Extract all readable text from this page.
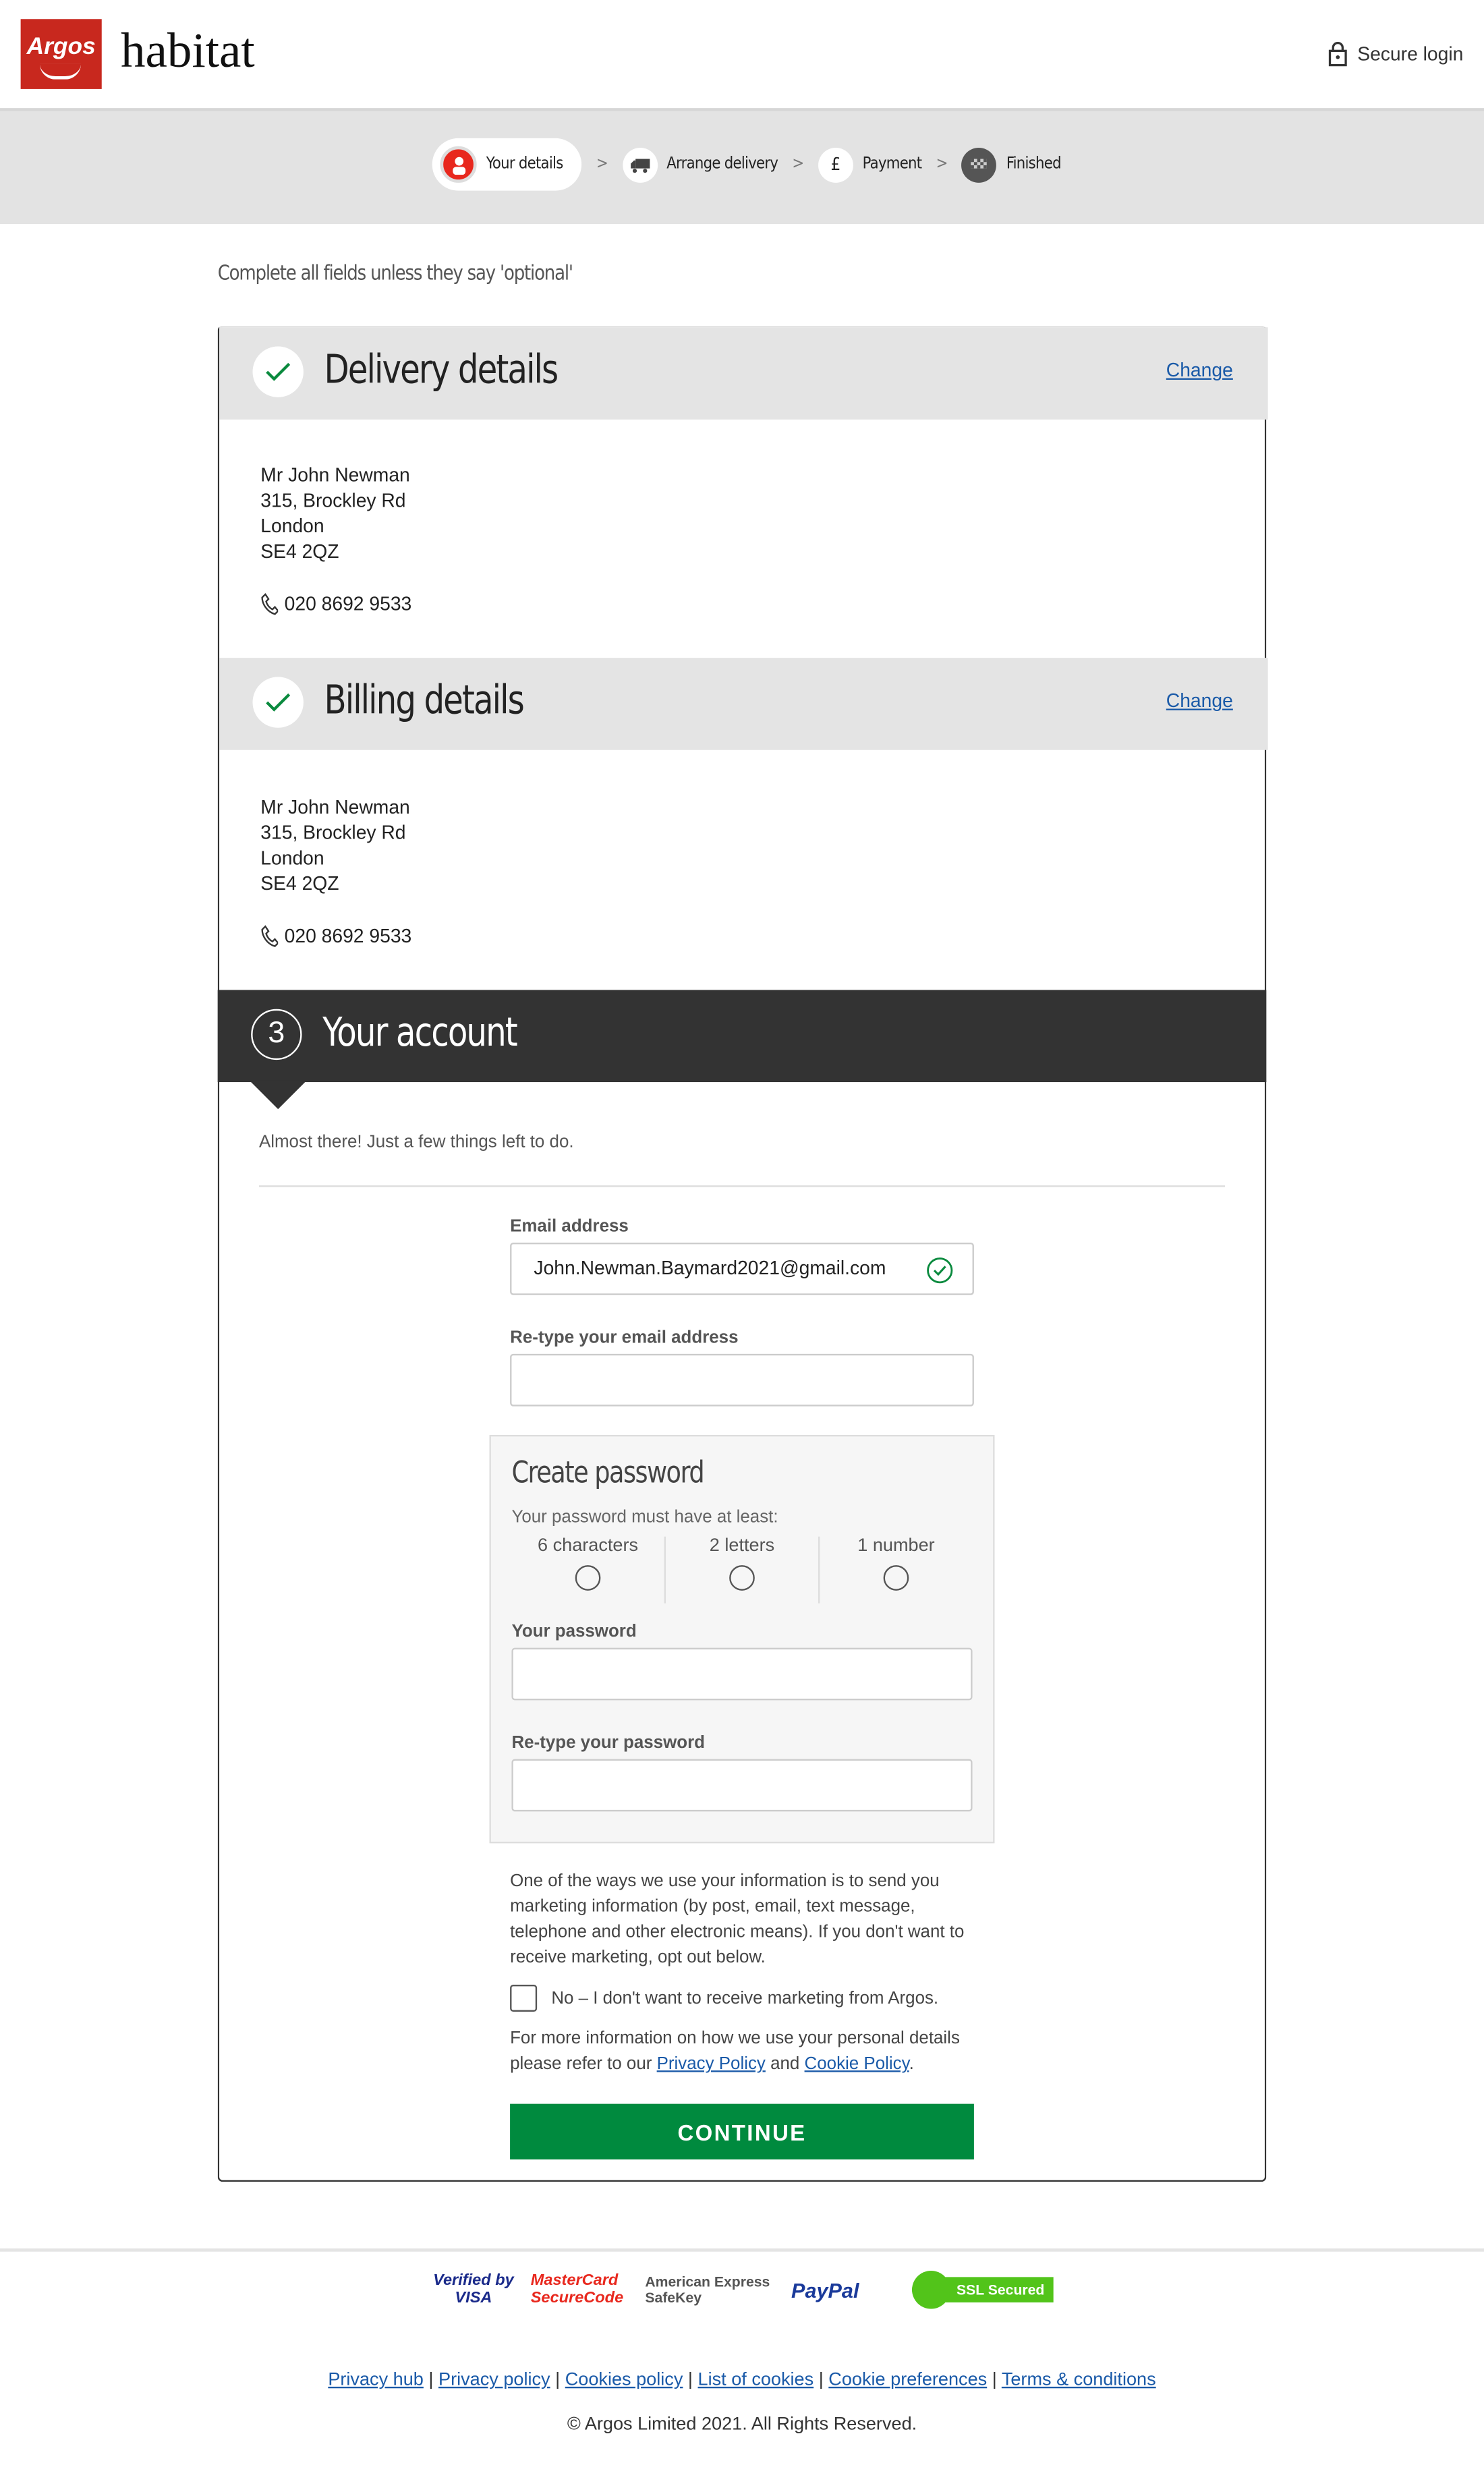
Argos habitat	Secure login
Your details	>	Arrange delivery >	£	Payment >	Finished
Complete all fields unless they say 'optional'
Delivery details	Change
Mr John Newman
315, Brockley Rd
London
SE4 2QZ
020 8692 9533
Billing details	Change
Mr John Newman
315, Brockley Rd
London
SE4 2QZ
020 8692 9533
3	Your account
Almost there! Just a few things left to do.
Email address
John.Newman.Baymard2021@gmail.com
Re-type your email address
Create password
Your password must have at least:
6 characters	2 letters	1 number
Your password
Re-type your password
One of the ways we use your information is to send you marketing information (by post, email, text message, telephone and other electronic means). If you don't want to receive marketing, opt out below.
No – I don't want to receive marketing from Argos.
For more information on how we use your personal details please refer to our Privacy Policy and Cookie Policy.
CONTINUE
Verified by VISA
MasterCard SecureCode
American Express SafeKey	PayPal	SSL Secured
Privacy hub | Privacy policy | Cookies policy | List of cookies | Cookie preferences | Terms & conditions
© Argos Limited 2021. All Rights Reserved.
